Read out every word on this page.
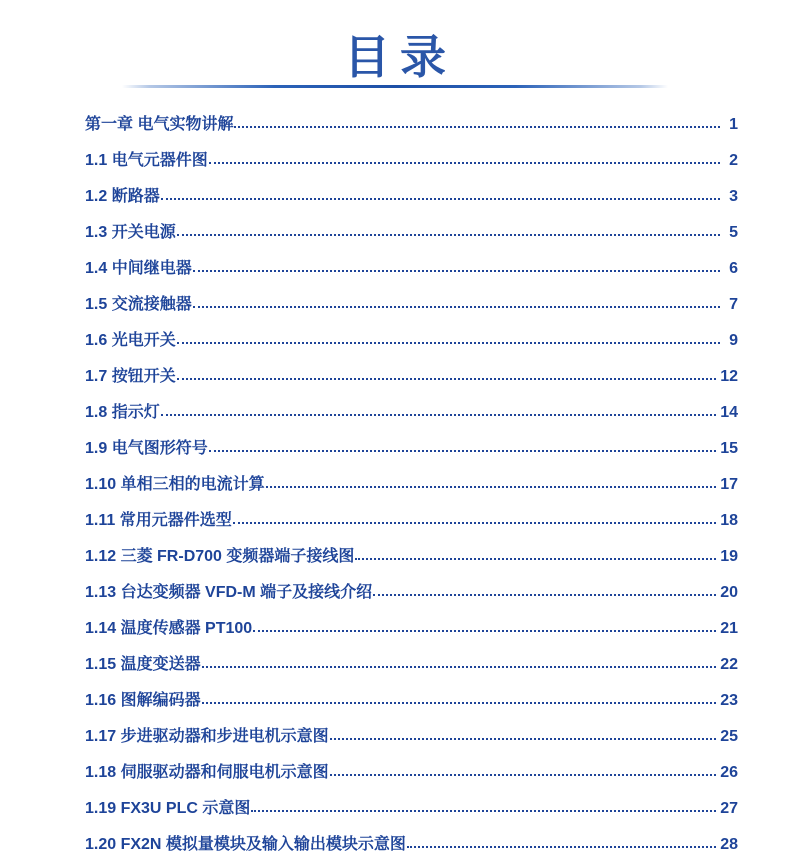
目录
第一章 电气实物讲解	1
1.1 电气元器件图	2
1.2 断路器	3
1.3 开关电源	5
1.4 中间继电器	6
1.5 交流接触器	7
1.6 光电开关	9
1.7 按钮开关	12
1.8 指示灯	14
1.9 电气图形符号	15
1.10 单相三相的电流计算	17
1.11 常用元器件选型	18
1.12 三菱 FR-D700 变频器端子接线图	19
1.13 台达变频器 VFD-M 端子及接线介绍	20
1.14 温度传感器 PT100	21
1.15 温度变送器	22
1.16 图解编码器	23
1.17 步进驱动器和步进电机示意图	25
1.18 伺服驱动器和伺服电机示意图	26
1.19 FX3U PLC 示意图	27
1.20 FX2N 模拟量模块及输入输出模块示意图	28
